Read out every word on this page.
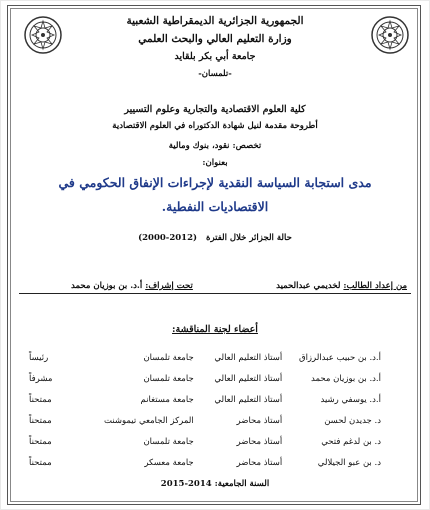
الجمهورية الجزائرية الديمقراطية الشعبية
وزارة التعليم العالي والبحث العلمي
جامعة أبي بكر بلقايد
-تلمسان-
كلية العلوم الاقتصادية والتجارية وعلوم التسيير
أطروحة مقدمة لنيل شهادة الدكتوراه في العلوم الاقتصادية
تخصص: نقود، بنوك ومالية
بعنوان:
مدى استجابة السياسة النقدية لإجراءات الإنفاق الحكومي في
الاقتصاديات النفطية.
حالة الجزائر خلال الفترة (2000-2012)
من إعداد الطالب: لخديمي عبدالحميد
تحت إشراف: أ.د. بن بوزيان محمد
أعضاء لجنة المناقشة:
أ.د. بن حبيب عبدالرزاق	أستاذ التعليم العالي	جامعة تلمسان	رئيساً
أ.د. بن بوزيان محمد	أستاذ التعليم العالي	جامعة تلمسان	مشرفاً
أ.د. يوسفي رشيد	أستاذ التعليم العالي	جامعة مستغانم	ممتحناً
د. جديدن لحسن	أستاذ محاضر	المركز الجامعي تيموشنت	ممتحناً
د. بن لدغم فتحي	أستاذ محاضر	جامعة تلمسان	ممتحناً
د. بن عبو الجيلالي	أستاذ محاضر	جامعة معسكر	ممتحناً
السنة الجامعية: 2014-2015
